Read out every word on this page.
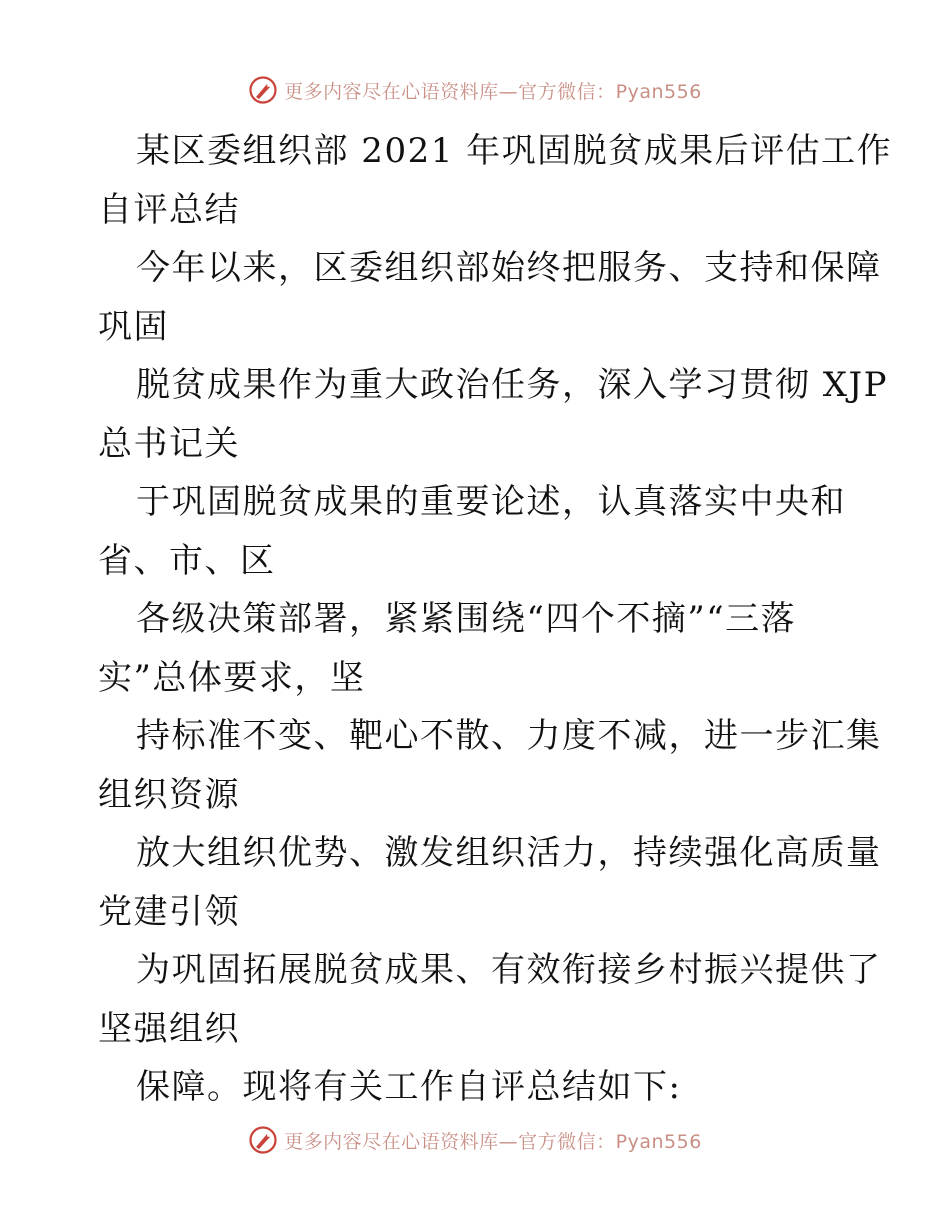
更多内容尽在心语资料库—官方微信：Pyan556
某区委组织部 2021 年巩固脱贫成果后评估工作
自评总结
今年以来，区委组织部始终把服务、支持和保障
巩固
脱贫成果作为重大政治任务，深入学习贯彻 XJP
总书记关
于巩固脱贫成果的重要论述，认真落实中央和
省、市、区
各级决策部署，紧紧围绕“四个不摘”“三落
实”总体要求，坚
持标准不变、靶心不散、力度不减，进一步汇集
组织资源
放大组织优势、激发组织活力，持续强化高质量
党建引领
为巩固拓展脱贫成果、有效衔接乡村振兴提供了
坚强组织
保障。现将有关工作自评总结如下:
更多内容尽在心语资料库—官方微信：Pyan556
